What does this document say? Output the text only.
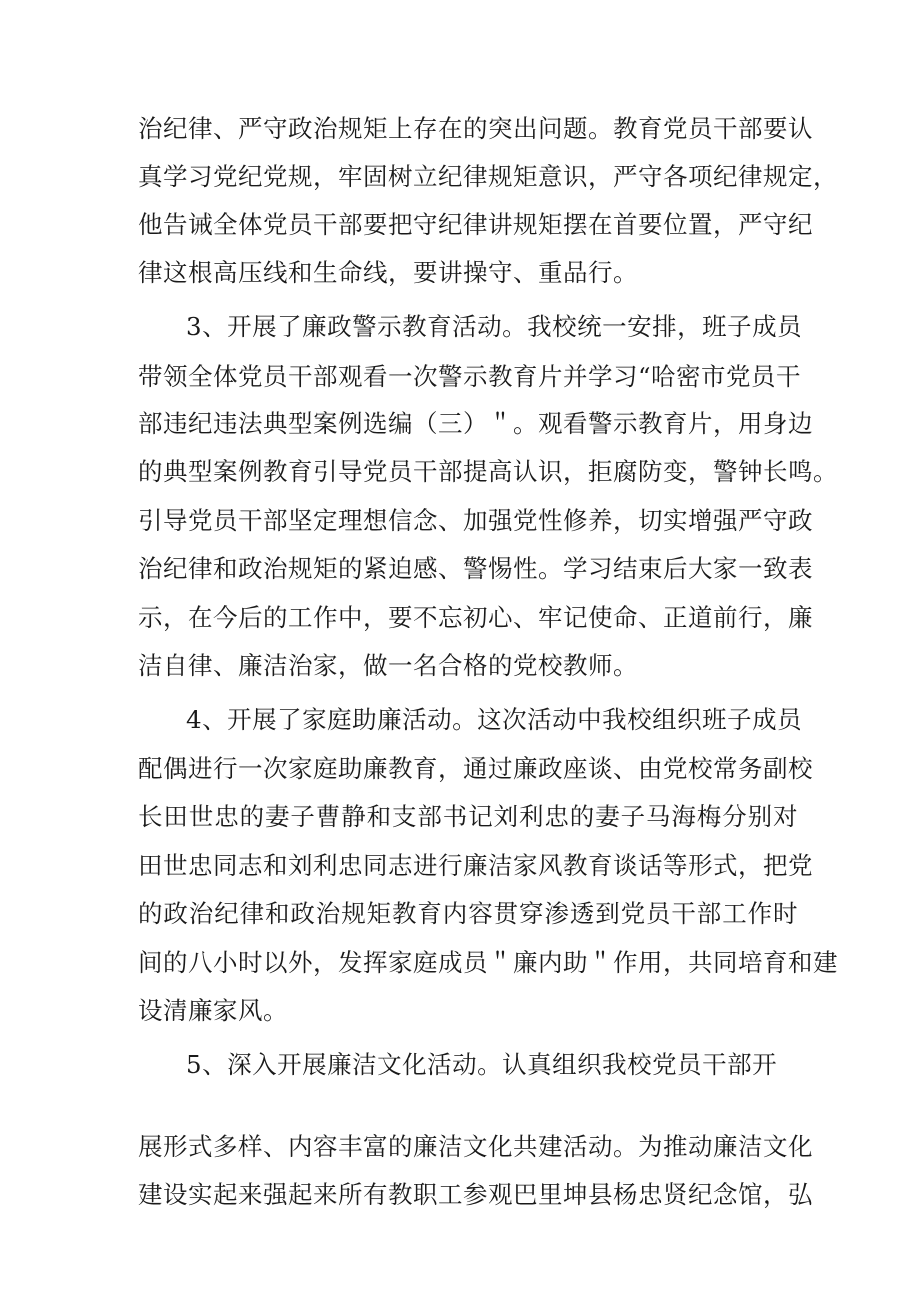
治纪律、严守政治规矩上存在的突出问题。教育党员干部要认
真学习党纪党规，牢固树立纪律规矩意识，严守各项纪律规定，
他告诫全体党员干部要把守纪律讲规矩摆在首要位置，严守纪
律这根高压线和生命线，要讲操守、重品行。
3、开展了廉政警示教育活动。我校统一安排，班子成员
带领全体党员干部观看一次警示教育片并学习“哈密市党员干
部违纪违法典型案例选编（三）＂。观看警示教育片，用身边
的典型案例教育引导党员干部提高认识，拒腐防变，警钟长鸣。
引导党员干部坚定理想信念、加强党性修养，切实增强严守政
治纪律和政治规矩的紧迫感、警惕性。学习结束后大家一致表
示，在今后的工作中，要不忘初心、牢记使命、正道前行，廉
洁自律、廉洁治家，做一名合格的党校教师。
4、开展了家庭助廉活动。这次活动中我校组织班子成员
配偶进行一次家庭助廉教育，通过廉政座谈、由党校常务副校
长田世忠的妻子曹静和支部书记刘利忠的妻子马海梅分别对
田世忠同志和刘利忠同志进行廉洁家风教育谈话等形式，把党
的政治纪律和政治规矩教育内容贯穿渗透到党员干部工作时
间的八小时以外，发挥家庭成员＂廉内助＂作用，共同培育和建
设清廉家风。
5、深入开展廉洁文化活动。认真组织我校党员干部开
展形式多样、内容丰富的廉洁文化共建活动。为推动廉洁文化
建设实起来强起来所有教职工参观巴里坤县杨忠贤纪念馆，弘
